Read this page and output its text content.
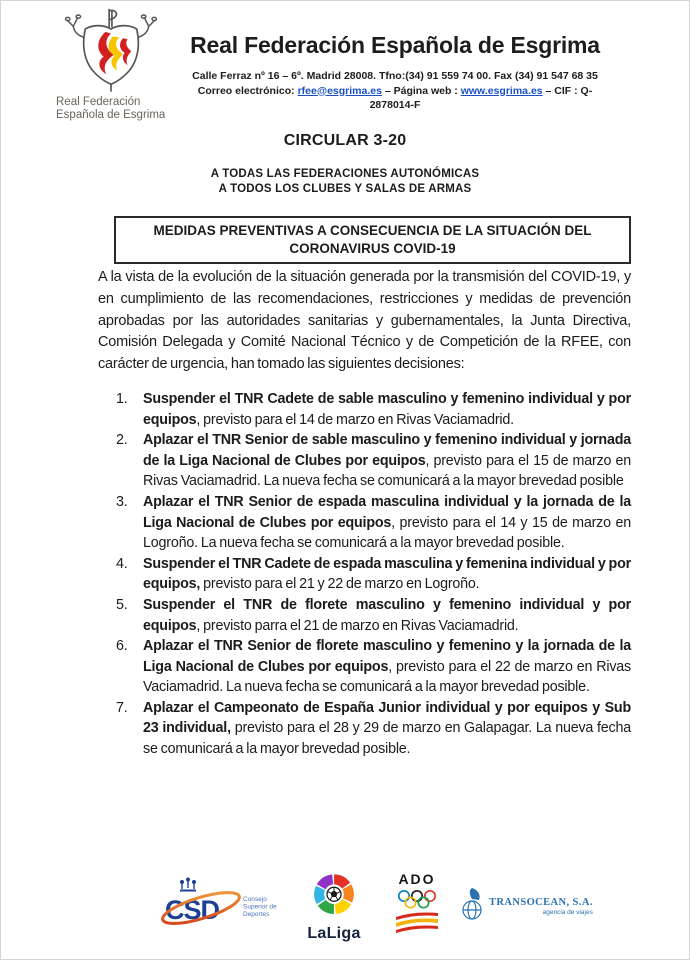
Real Federación
Española de Esgrima
Real Federación Española de Esgrima
Calle Ferraz nº 16 – 6º. Madrid 28008. Tfno:(34) 91 559 74 00. Fax (34) 91 547 68 35
Correo electrónico: rfee@esgrima.es – Página web : www.esgrima.es – CIF : Q-2878014-F
CIRCULAR 3-20
A TODAS LAS FEDERACIONES AUTONÓMICAS
A TODOS LOS CLUBES Y SALAS DE ARMAS
MEDIDAS PREVENTIVAS A CONSECUENCIA DE LA SITUACIÓN DEL CORONAVIRUS COVID-19

A la vista de la evolución de la situación generada por la transmisión del COVID-19, y en cumplimiento de las recomendaciones, restricciones y medidas de prevención aprobadas por las autoridades sanitarias y gubernamentales, la Junta Directiva, Comisión Delegada y Comité Nacional Técnico y de Competición de la RFEE, con carácter de urgencia, han tomado las siguientes decisiones:

1. Suspender el TNR Cadete de sable masculino y femenino individual y por equipos, previsto para el 14 de marzo en Rivas Vaciamadrid.
2. Aplazar el TNR Senior de sable masculino y femenino individual y jornada de la Liga Nacional de Clubes por equipos, previsto para el 15 de marzo en Rivas Vaciamadrid. La nueva fecha se comunicará a la mayor brevedad posible
3. Aplazar el TNR Senior de espada masculina individual y la jornada de la Liga Nacional de Clubes por equipos, previsto para el 14 y 15 de marzo en Logroño. La nueva fecha se comunicará a la mayor brevedad posible.
4. Suspender el TNR Cadete de espada masculina y femenina individual y por equipos, previsto para el 21 y 22 de marzo en Logroño.
5. Suspender el TNR de florete masculino y femenino individual y por equipos, previsto parra el 21 de marzo en Rivas Vaciamadrid.
6. Aplazar el TNR Senior de florete masculino y femenino y la jornada de la Liga Nacional de Clubes por equipos, previsto para el 22 de marzo en Rivas Vaciamadrid. La nueva fecha se comunicará a la mayor brevedad posible.
7. Aplazar el Campeonato de España Junior individual y por equipos y Sub 23 individual, previsto para el 28 y 29 de marzo en Galapagar. La nueva fecha se comunicará a la mayor brevedad posible.
CSD	Consejo
Superior de
Deportes
LaLiga
ADO
TRANSOCEAN, S.A.
agencia de viajes
